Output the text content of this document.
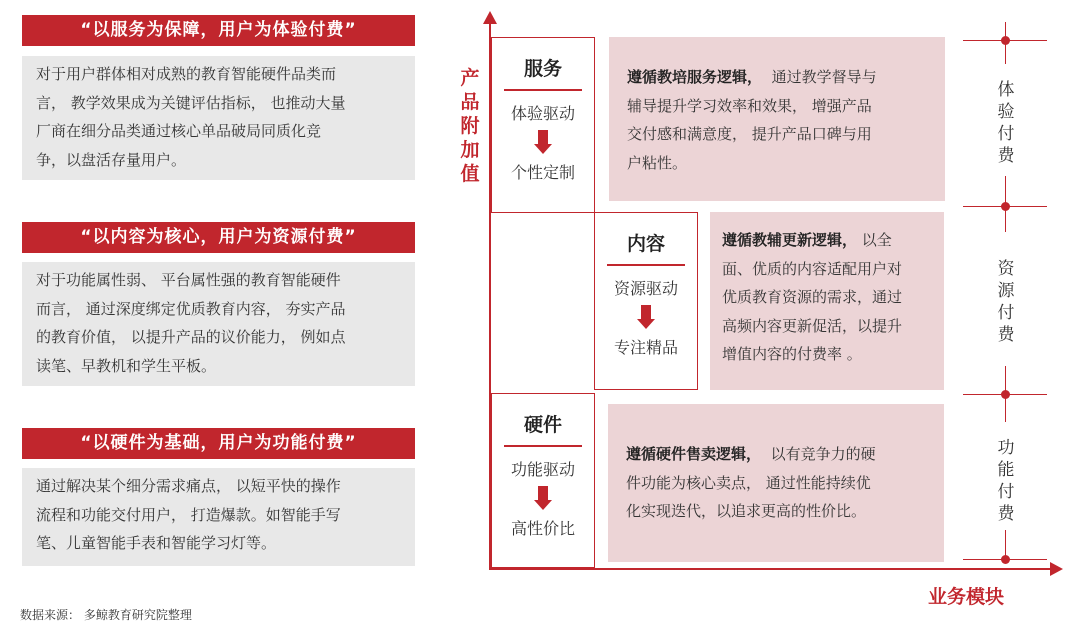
“以服务为保障，用户为体验付费”
对于用户群体相对成熟的教育智能硬件品类而
言， 教学效果成为关键评估指标， 也推动大量
厂商在细分品类通过核心单品破局同质化竞
争，以盘活存量用户。
“以内容为核心，用户为资源付费”
对于功能属性弱、 平台属性强的教育智能硬件
而言， 通过深度绑定优质教育内容， 夯实产品
的教育价值， 以提升产品的议价能力， 例如点
读笔、早教机和学生平板。
“以硬件为基础，用户为功能付费”
通过解决某个细分需求痛点， 以短平快的操作
流程和功能交付用户， 打造爆款。如智能手写
笔、儿童智能手表和智能学习灯等。
产
品
附
加
值
业务模块
服务
体验驱动
个性定制
遵循教培服务逻辑， 通过教学督导与
辅导提升学习效率和效果， 增强产品
交付感和满意度， 提升产品口碑与用
户粘性。
内容
资源驱动
专注精品
遵循教辅更新逻辑， 以全
面、优质的内容适配用户对
优质教育资源的需求，通过
高频内容更新促活，以提升
增值内容的付费率 。
硬件
功能驱动
高性价比
遵循硬件售卖逻辑， 以有竞争力的硬
件功能为核心卖点， 通过性能持续优
化实现迭代，以追求更高的性价比。
体
验
付
费
资
源
付
费
功
能
付
费
数据来源： 多鲸教育研究院整理
